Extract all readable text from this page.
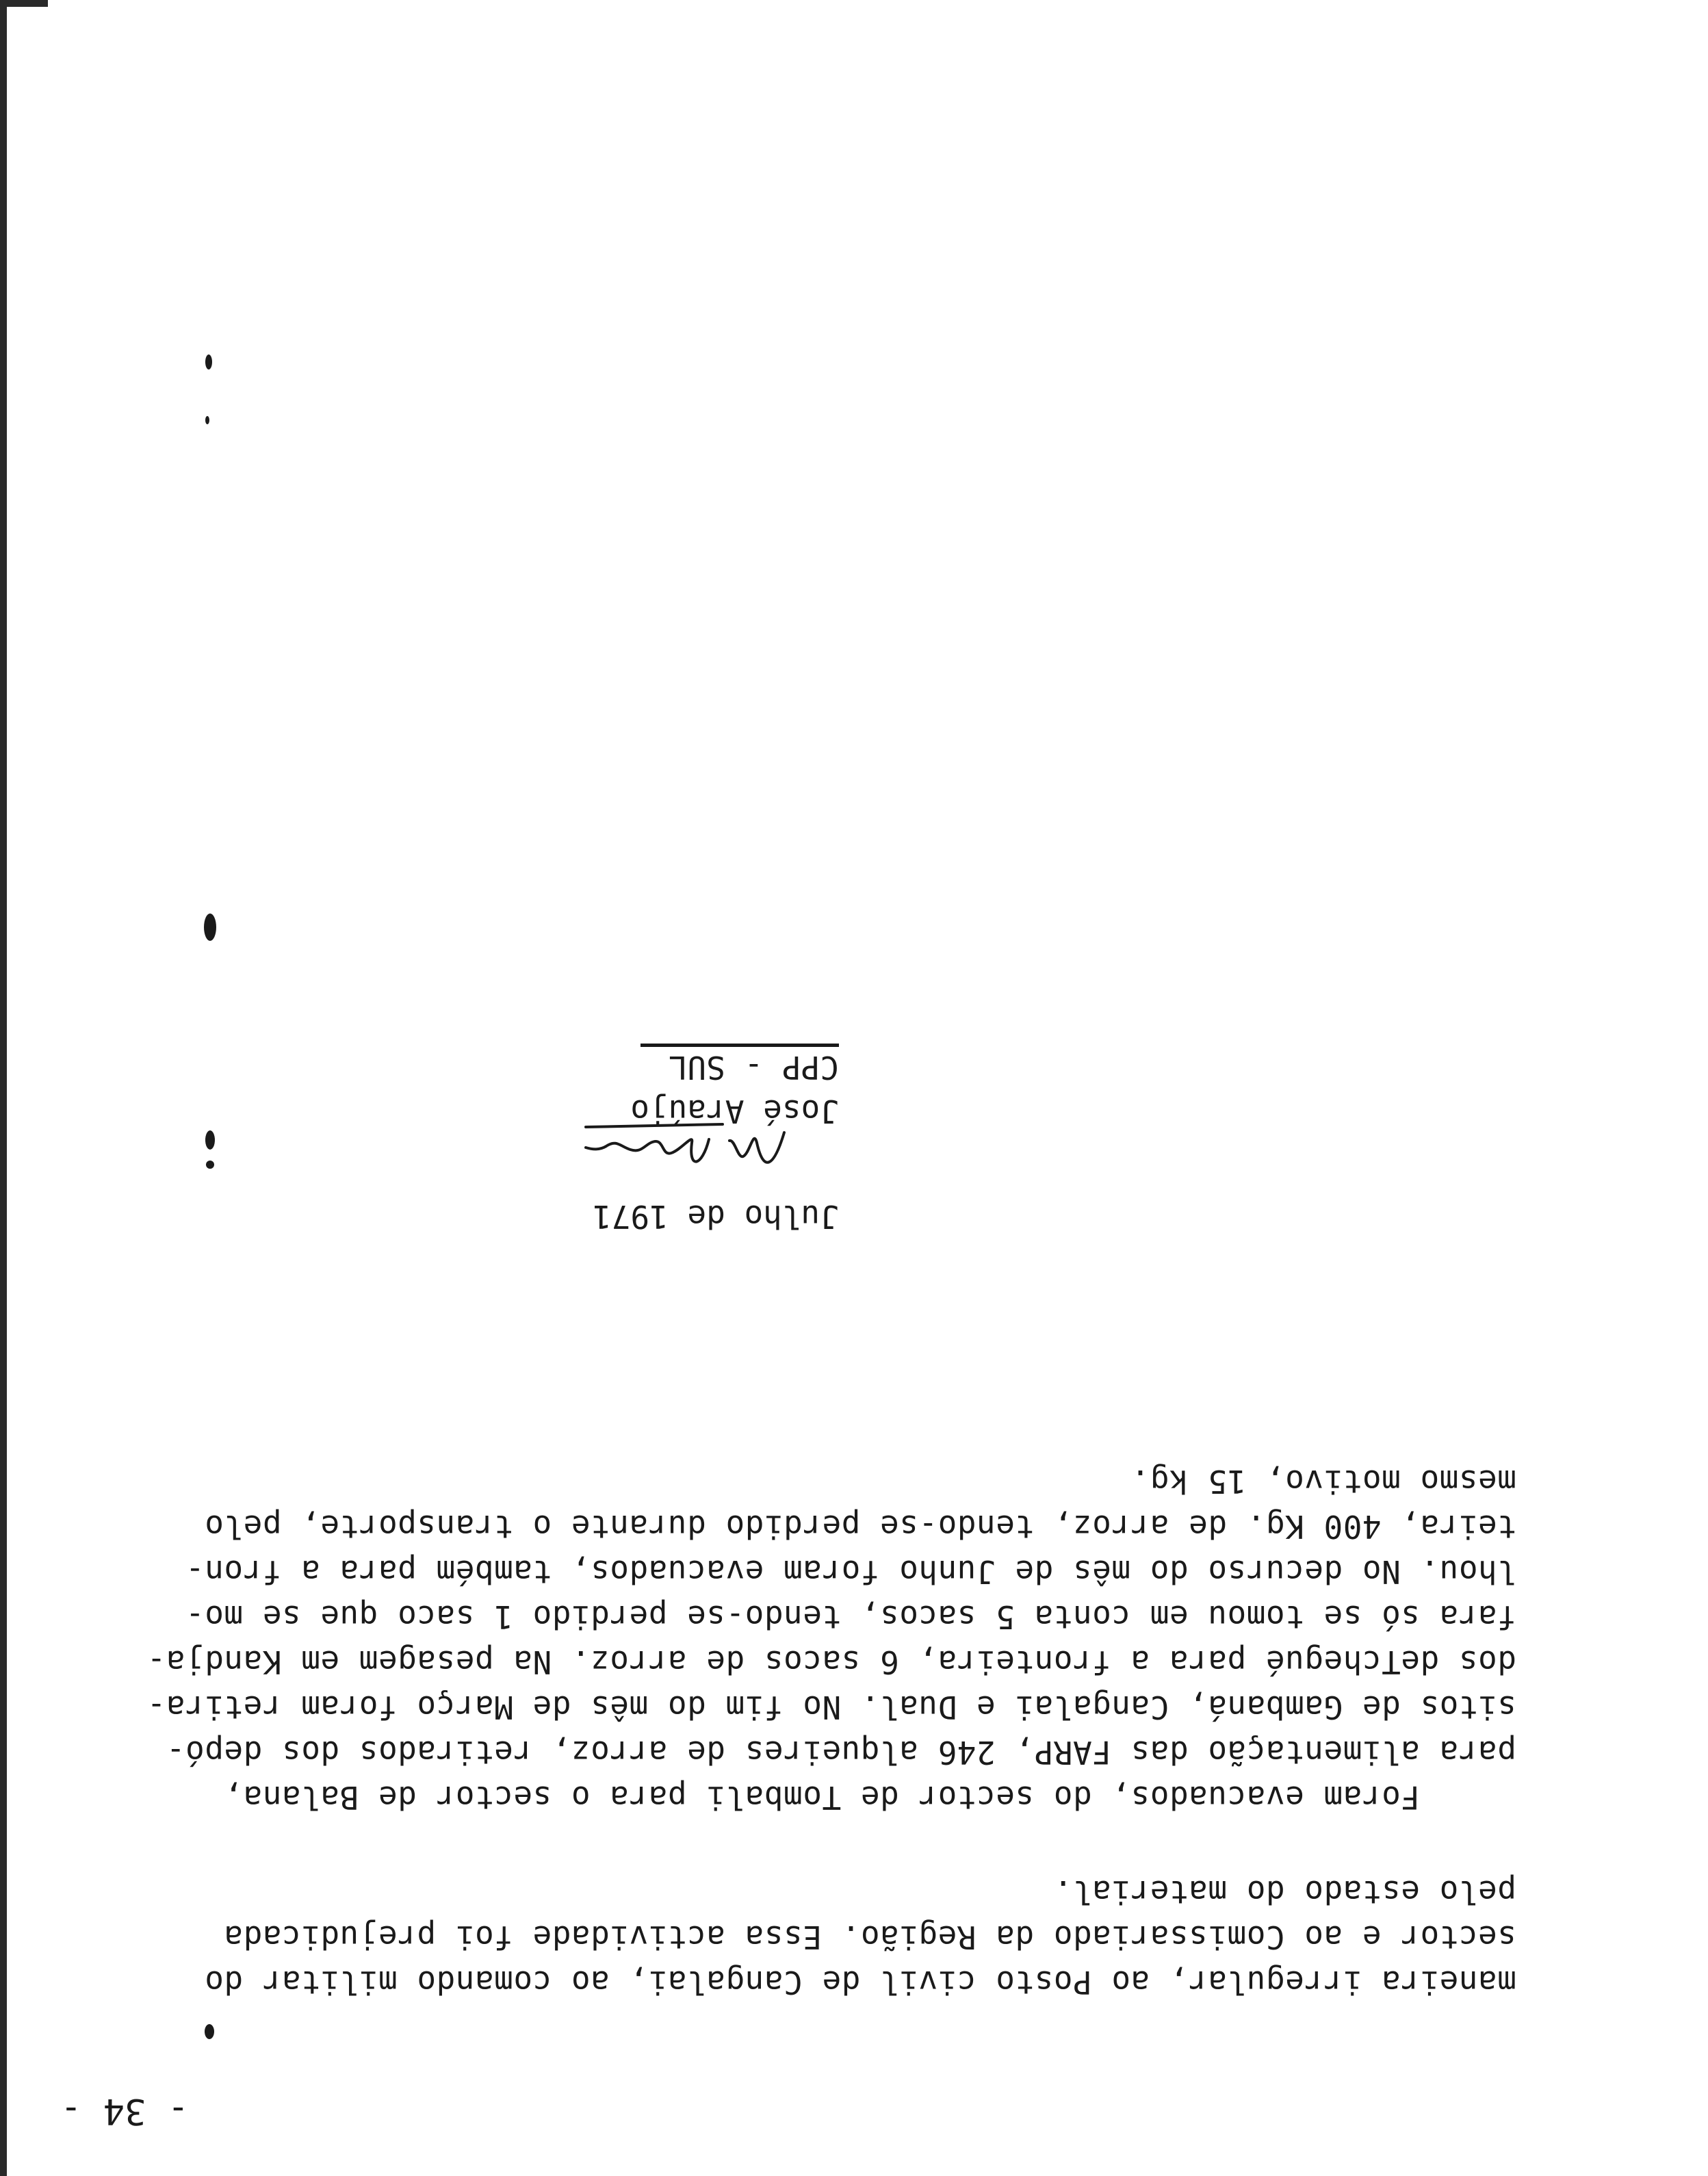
- 34 -
maneira irregular, ao Posto civil de Cangalai, ao comando militar do
sector e ao Comissariado da Região. Essa actividade foi prejudicada
pelo estado do material.
Foram evacuados, do sector de Tombali para o sector de Balana,
para alimentação das FARP, 246 alqueires de arroz, retirados dos depó-
sitos de Gambaná, Cangalai e Dual. No fim do mês de Março foram retira-
dos deTchegué para a fronteira, 6 sacos de arroz. Na pesagem em Kandja-
fara só se tomou em conta 5 sacos, tendo-se perdido 1 saco que se mo-
lhou. No decurso do mês de Junho foram evacuados, também para a fron-
teira, 400 Kg. de arroz, tendo-se perdido durante o transporte, pelo
mesmo motivo, 15 kg.
Julho de 1971
José Araújo
CPP - SUL
